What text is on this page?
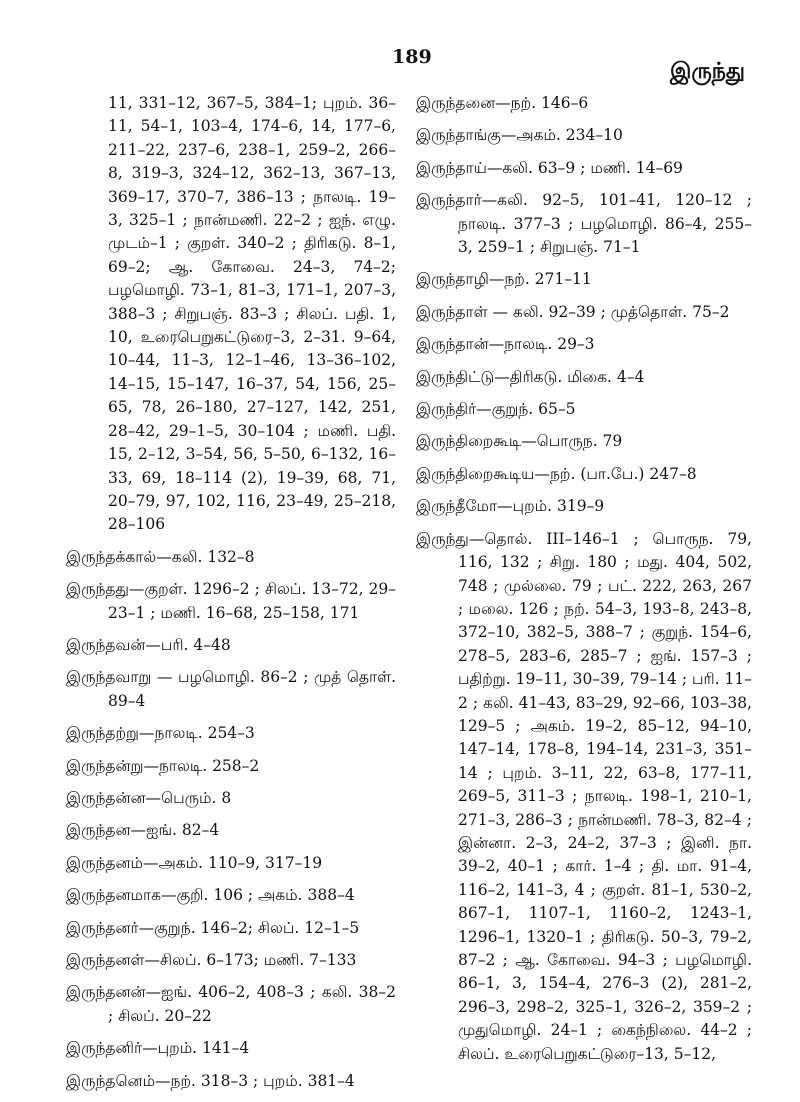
189
இருந்து

11, 331–12, 367–5, 384–1; புறம். 36–11, 54–1, 103–4, 174–6, 14, 177–6, 211–22, 237–6, 238–1, 259–2, 266–8, 319–3, 324–12, 362–13, 367–13, 369–17, 370–7, 386–13 ; நாலடி. 19–3, 325–1 ; நான்மணி. 22–2 ; ஐந். எழு. முடம்–1 ; குறள். 340–2 ; திரிகடு. 8–1, 69–2; ஆ. கோவை. 24–3, 74–2; பழமொழி. 73–1, 81–3, 171–1, 207–3, 388–3 ; சிறுபஞ். 83–3 ; சிலப். பதி. 1, 10, உரைபெறுகட்டுரை–3, 2–31. 9–64, 10–44, 11–3, 12–1–46, 13–36–102, 14–15, 15–147, 16–37, 54, 156, 25–65, 78, 26–180, 27–127, 142, 251, 28–42, 29–1–5, 30–104 ; மணி. பதி. 15, 2–12, 3–54, 56, 5–50, 6–132, 16–33, 69, 18–114 (2), 19–39, 68, 71, 20–79, 97, 102, 116, 23–49, 25–218, 28–106

இருந்தக்கால்—கலி. 132–8

இருந்தது—குறள். 1296–2 ; சிலப். 13–72, 29–23–1 ; மணி. 16–68, 25–158, 171

இருந்தவன்—பரி. 4–48

இருந்தவாறு — பழமொழி. 86–2 ; முத் தொள். 89–4

இருந்தற்று—நாலடி. 254–3

இருந்தன்று—நாலடி. 258–2

இருந்தன்ன—பெரும். 8

இருந்தன—ஐங். 82–4

இருந்தனம்—அகம். 110–9, 317–19

இருந்தனமாக—குறி. 106 ; அகம். 388–4

இருந்தனர்—குறுந். 146–2; சிலப். 12–1–5

இருந்தனள்—சிலப். 6–173; மணி. 7–133

இருந்தனன்—ஐங். 406–2, 408–3 ; கலி. 38–2 ; சிலப். 20–22

இருந்தனிர்—புறம். 141–4

இருந்தனெம்—நற். 318–3 ; புறம். 381–4

இருந்தனை—நற். 146–6

இருந்தாங்கு—அகம். 234–10

இருந்தாய்—கலி. 63–9 ; மணி. 14–69

இருந்தார்—கலி. 92–5, 101–41, 120–12 ; நாலடி. 377–3 ; பழமொழி. 86–4, 255–3, 259–1 ; சிறுபஞ். 71–1

இருந்தாழி—நற். 271–11

இருந்தாள் — கலி. 92–39 ; முத்தொள். 75–2

இருந்தான்—நாலடி. 29–3

இருந்திட்டு—திரிகடு. மிகை. 4–4

இருந்திர்—குறுந். 65–5

இருந்திறைகூடி—பொருந. 79

இருந்திறைகூடிய—நற். (பா.பே.) 247–8

இருந்தீமோ—புறம். 319–9

இருந்து—தொல். III–146–1 ; பொருந. 79, 116, 132 ; சிறு. 180 ; மது. 404, 502, 748 ; முல்லை. 79 ; பட். 222, 263, 267 ; மலை. 126 ; நற். 54–3, 193–8, 243–8, 372–10, 382–5, 388–7 ; குறுந். 154–6, 278–5, 283–6, 285–7 ; ஐங். 157–3 ; பதிற்று. 19–11, 30–39, 79–14 ; பரி. 11–2 ; கலி. 41–43, 83–29, 92–66, 103–38, 129–5 ; அகம். 19–2, 85–12, 94–10, 147–14, 178–8, 194–14, 231–3, 351–14 ; புறம். 3–11, 22, 63–8, 177–11, 269–5, 311–3 ; நாலடி. 198–1, 210–1, 271–3, 286–3 ; நான்மணி. 78–3, 82–4 ; இன்னா. 2–3, 24–2, 37–3 ; இனி. நா. 39–2, 40–1 ; கார். 1–4 ; தி. மா. 91–4, 116–2, 141–3, 4 ; குறள். 81–1, 530–2, 867–1, 1107–1, 1160–2, 1243–1, 1296–1, 1320–1 ; திரிகடு. 50–3, 79–2, 87–2 ; ஆ. கோவை. 94–3 ; பழமொழி. 86–1, 3, 154–4, 276–3 (2), 281–2, 296–3, 298–2, 325–1, 326–2, 359–2 ; முதுமொழி. 24–1 ; கைந்நிலை. 44–2 ; சிலப். உரைபெறுகட்டுரை–13, 5–12,
